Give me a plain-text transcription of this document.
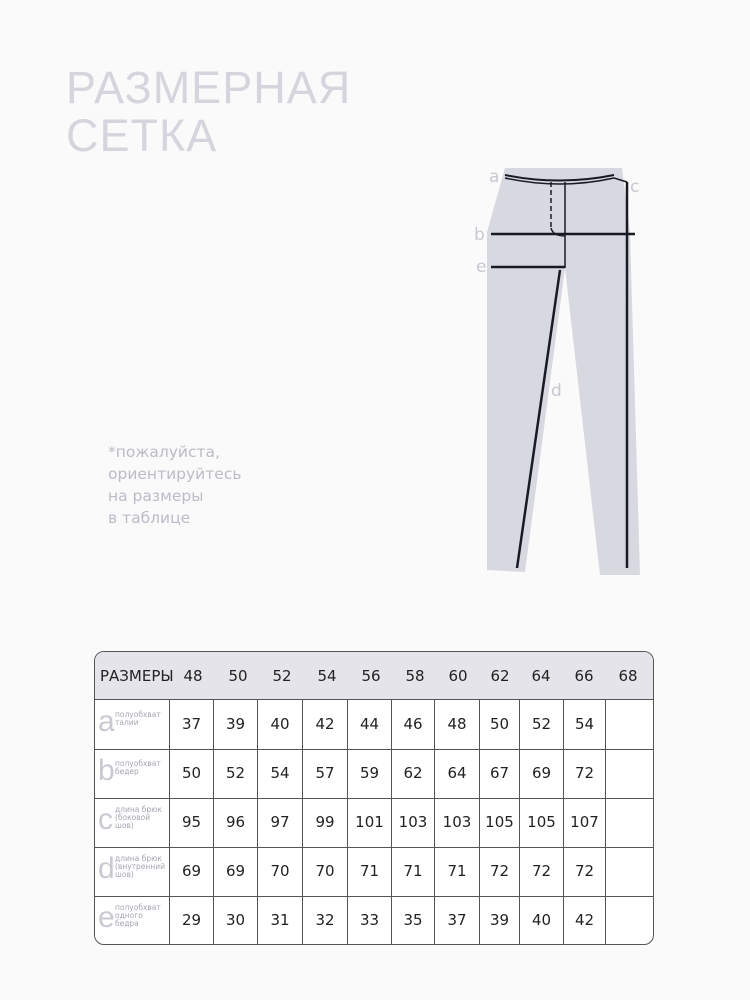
РАЗМЕРНАЯ
СЕТКА
*пожалуйста,
ориентируйтесь
на размеры
в таблице
a	c
b
e
d
РАЗМЕРЫ 48	50	52	54	56	58	60	62	64	66	68
a полуобхват
талии	37	39	40	42	44	46	48	50	52	54
b полуобхват
бедер	50	52	54	57	59	62	64	67	69	72
c длина брюк
(боковой
шов)	95	96	97	99	101 103	103 105 105 107
d длина брюк
(внутренний
шов)	69	69	70	70	71	71	71	72	72	72
e полуобхват
одного
бедра	29	30	31	32	33	35	37	39	40	42
